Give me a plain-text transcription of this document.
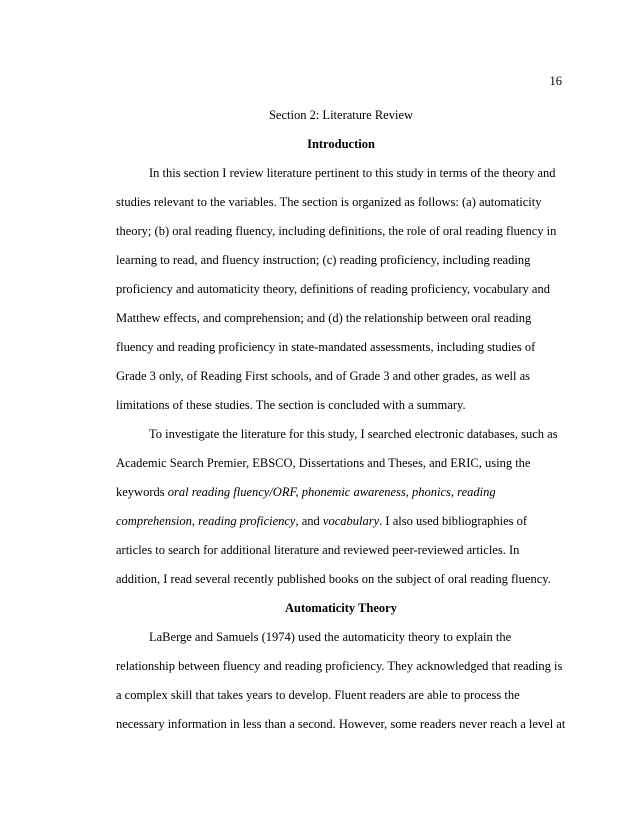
16

Section 2: Literature Review

Introduction

In this section I review literature pertinent to this study in terms of the theory and
studies relevant to the variables. The section is organized as follows: (a) automaticity
theory; (b) oral reading fluency, including definitions, the role of oral reading fluency in
learning to read, and fluency instruction; (c) reading proficiency, including reading
proficiency and automaticity theory, definitions of reading proficiency, vocabulary and
Matthew effects, and comprehension; and (d) the relationship between oral reading
fluency and reading proficiency in state-mandated assessments, including studies of
Grade 3 only, of Reading First schools, and of Grade 3 and other grades, as well as
limitations of these studies. The section is concluded with a summary.
To investigate the literature for this study, I searched electronic databases, such as
Academic Search Premier, EBSCO, Dissertations and Theses, and ERIC, using the
keywords oral reading fluency/ORF, phonemic awareness, phonics, reading
comprehension, reading proficiency, and vocabulary. I also used bibliographies of
articles to search for additional literature and reviewed peer-reviewed articles. In
addition, I read several recently published books on the subject of oral reading fluency.

Automaticity Theory

LaBerge and Samuels (1974) used the automaticity theory to explain the
relationship between fluency and reading proficiency. They acknowledged that reading is
a complex skill that takes years to develop. Fluent readers are able to process the
necessary information in less than a second. However, some readers never reach a level at
